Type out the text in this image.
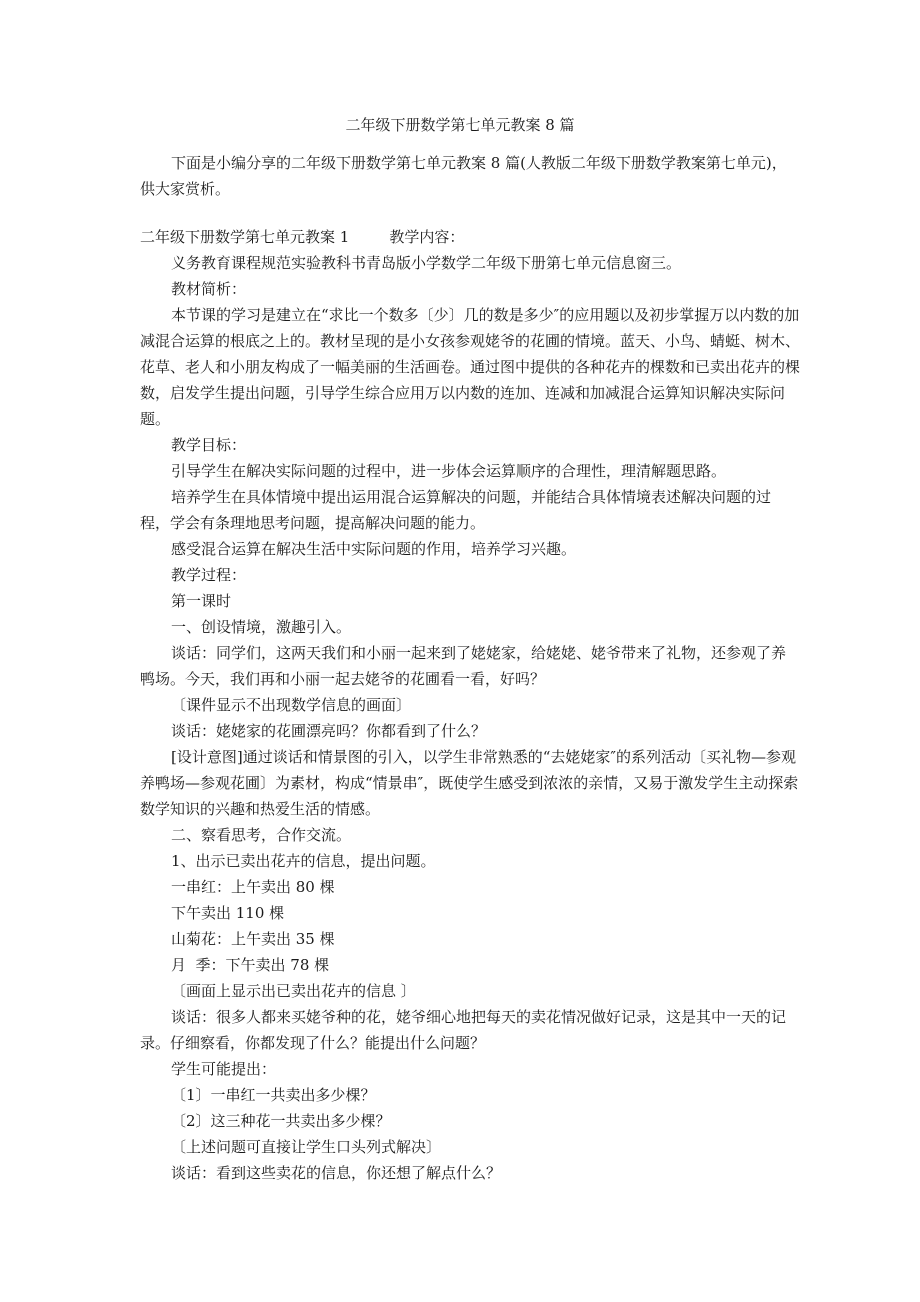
二年级下册数学第七单元教案 8 篇

下面是小编分享的二年级下册数学第七单元教案 8 篇(人教版二年级下册数学教案第七单元)，供大家赏析。

二年级下册数学第七单元教案 1	教学内容：

义务教育课程规范实验教科书青岛版小学数学二年级下册第七单元信息窗三。

教材简析：

本节课的学习是建立在“求比一个数多〔少〕几的数是多少″的应用题以及初步掌握万以内数的加减混合运算的根底之上的。教材呈现的是小女孩参观姥爷的花圃的情境。蓝天、小鸟、蜻蜓、树木、花草、老人和小朋友构成了一幅美丽的生活画卷。通过图中提供的各种花卉的棵数和已卖出花卉的棵数，启发学生提出问题，引导学生综合应用万以内数的连加、连减和加减混合运算知识解决实际问题。

教学目标：

引导学生在解决实际问题的过程中，进一步体会运算顺序的合理性，理清解题思路。

培养学生在具体情境中提出运用混合运算解决的问题，并能结合具体情境表述解决问题的过程，学会有条理地思考问题，提高解决问题的能力。

感受混合运算在解决生活中实际问题的作用，培养学习兴趣。

教学过程：

第一课时

一、创设情境，激趣引入。

谈话：同学们，这两天我们和小丽一起来到了姥姥家，给姥姥、姥爷带来了礼物，还参观了养鸭场。今天，我们再和小丽一起去姥爷的花圃看一看，好吗？

〔课件显示不出现数学信息的画面〕

谈话：姥姥家的花圃漂亮吗？你都看到了什么？

[设计意图]通过谈话和情景图的引入，以学生非常熟悉的“去姥姥家″的系列活动〔买礼物—参观养鸭场—参观花圃〕为素材，构成“情景串″，既使学生感受到浓浓的亲情，又易于激发学生主动探索数学知识的兴趣和热爱生活的情感。

二、察看思考，合作交流。

1、出示已卖出花卉的信息，提出问题。

一串红：上午卖出 80 棵

下午卖出 110 棵

山菊花：上午卖出 35 棵

月  季：下午卖出 78 棵

〔画面上显示出已卖出花卉的信息 〕

谈话：很多人都来买姥爷种的花，姥爷细心地把每天的卖花情况做好记录，这是其中一天的记录。仔细察看，你都发现了什么？能提出什么问题？

学生可能提出：

〔1〕一串红一共卖出多少棵？

〔2〕这三种花一共卖出多少棵？

〔上述问题可直接让学生口头列式解决〕

谈话：看到这些卖花的信息，你还想了解点什么？
